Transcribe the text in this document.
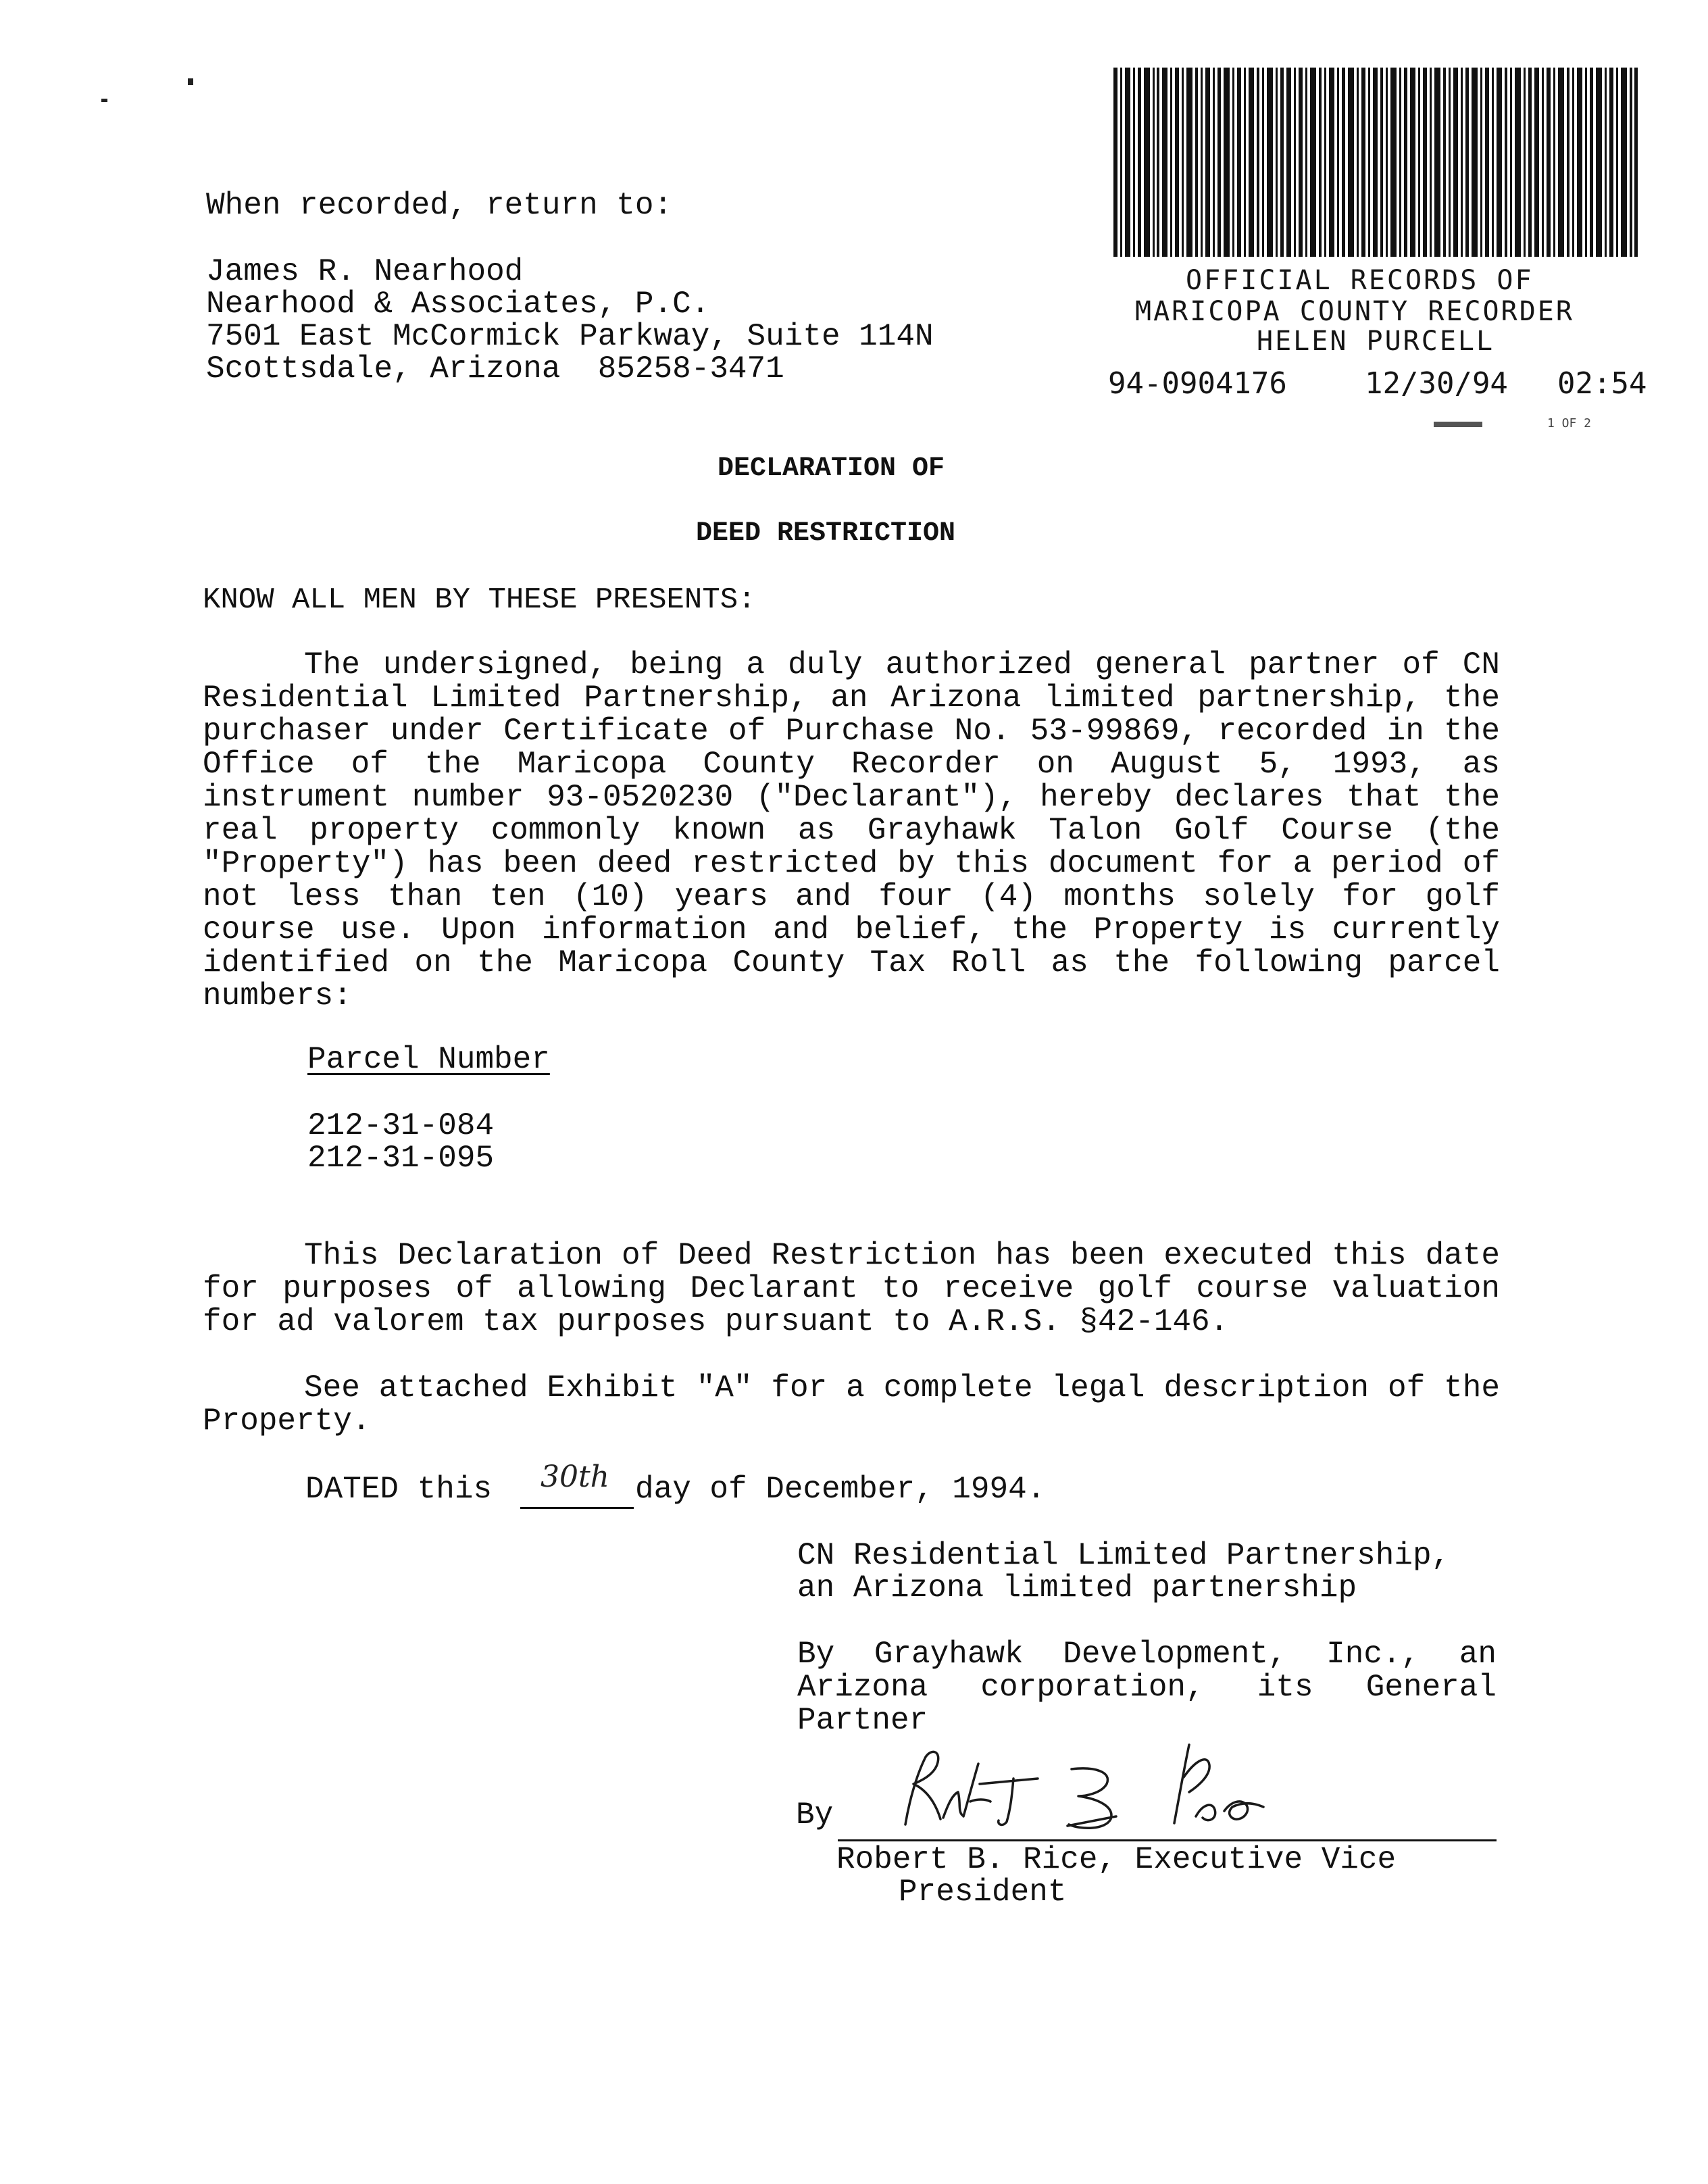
OFFICIAL RECORDS OF
MARICOPA COUNTY RECORDER
HELEN PURCELL
94-0904176	12/30/94 02:54
1 OF 2
When recorded, return to:
James R. Nearhood
Nearhood & Associates, P.C.
7501 East McCormick Parkway, Suite 114N
Scottsdale, Arizona  85258-3471
DECLARATION OF
DEED RESTRICTION
KNOW ALL MEN BY THESE PRESENTS:
The undersigned, being a duly authorized general partner of CN Residential Limited Partnership, an Arizona limited partnership, the purchaser under Certificate of Purchase No. 53-99869, recorded in the Office of the Maricopa County Recorder on August 5, 1993, as instrument number 93-0520230 ("Declarant"), hereby declares that the real property commonly known as Grayhawk Talon Golf Course (the "Property") has been deed restricted by this document for a period of not less than ten (10) years and four (4) months solely for golf course use. Upon information and belief, the Property is currently identified on the Maricopa County Tax Roll as the following parcel numbers:
Parcel Number
212-31-084
212-31-095
This Declaration of Deed Restriction has been executed this date for purposes of allowing Declarant to receive golf course valuation for ad valorem tax purposes pursuant to A.R.S. §42-146.
See attached Exhibit "A" for a complete legal description of the Property.
DATED this 30th day of December, 1994.
CN Residential Limited Partnership,
an Arizona limited partnership
By Grayhawk Development, Inc., an Arizona corporation, its General Partner
By
Robert B. Rice, Executive Vice
President
